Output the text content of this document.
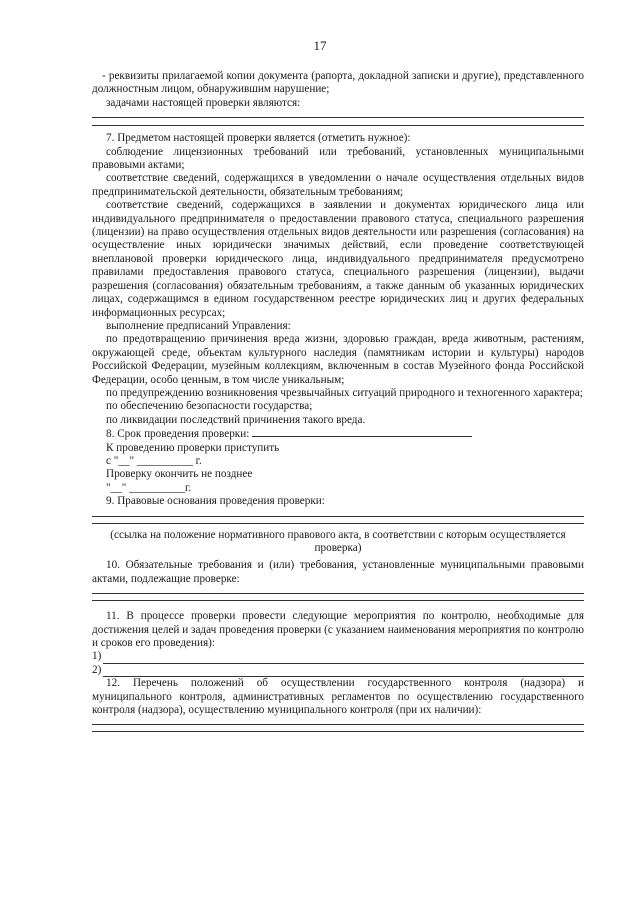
17

- реквизиты прилагаемой копии документа (рапорта, докладной записки и другие), представленного должностным лицом, обнаружившим нарушение;

задачами настоящей проверки являются:

7. Предметом настоящей проверки является (отметить нужное):

соблюдение лицензионных требований или требований, установленных муниципальными правовыми актами;

соответствие сведений, содержащихся в уведомлении о начале осуществления отдельных видов предпринимательской деятельности, обязательным требованиям;

соответствие сведений, содержащихся в заявлении и документах юридического лица или индивидуального предпринимателя о предоставлении правового статуса, специального разрешения (лицензии) на право осуществления отдельных видов деятельности или разрешения (согласования) на осуществление иных юридически значимых действий, если проведение соответствующей внеплановой проверки юридического лица, индивидуального предпринимателя предусмотрено правилами предоставления правового статуса, специального разрешения (лицензии), выдачи разрешения (согласования) обязательным требованиям, а также данным об указанных юридических лицах, содержащимся в едином государственном реестре юридических лиц и других федеральных информационных ресурсах;

выполнение предписаний Управления:

по предотвращению причинения вреда жизни, здоровью граждан, вреда животным, растениям, окружающей среде, объектам культурного наследия (памятникам истории и культуры) народов Российской Федерации, музейным коллекциям, включенным в состав Музейного фонда Российской Федерации, особо ценным, в том числе уникальным;

по предупреждению возникновения чрезвычайных ситуаций природного и техногенного характера;

по обеспечению безопасности государства;

по ликвидации последствий причинения такого вреда.

8. Срок проведения проверки:

К проведению проверки приступить

с "__" __________ г.

Проверку окончить не позднее

"__" __________г.

9. Правовые основания проведения проверки:

(ссылка на положение нормативного правового акта, в соответствии с которым осуществляется проверка)

10. Обязательные требования и (или) требования, установленные муниципальными правовыми актами, подлежащие проверке:

11. В процессе проверки провести следующие мероприятия по контролю, необходимые для достижения целей и задач проведения проверки (с указанием наименования мероприятия по контролю и сроков его проведения):

1)
2)

12. Перечень положений об осуществлении государственного контроля (надзора) и муниципального контроля, административных регламентов по осуществлению государственного контроля (надзора), осуществлению муниципального контроля (при их наличии):
